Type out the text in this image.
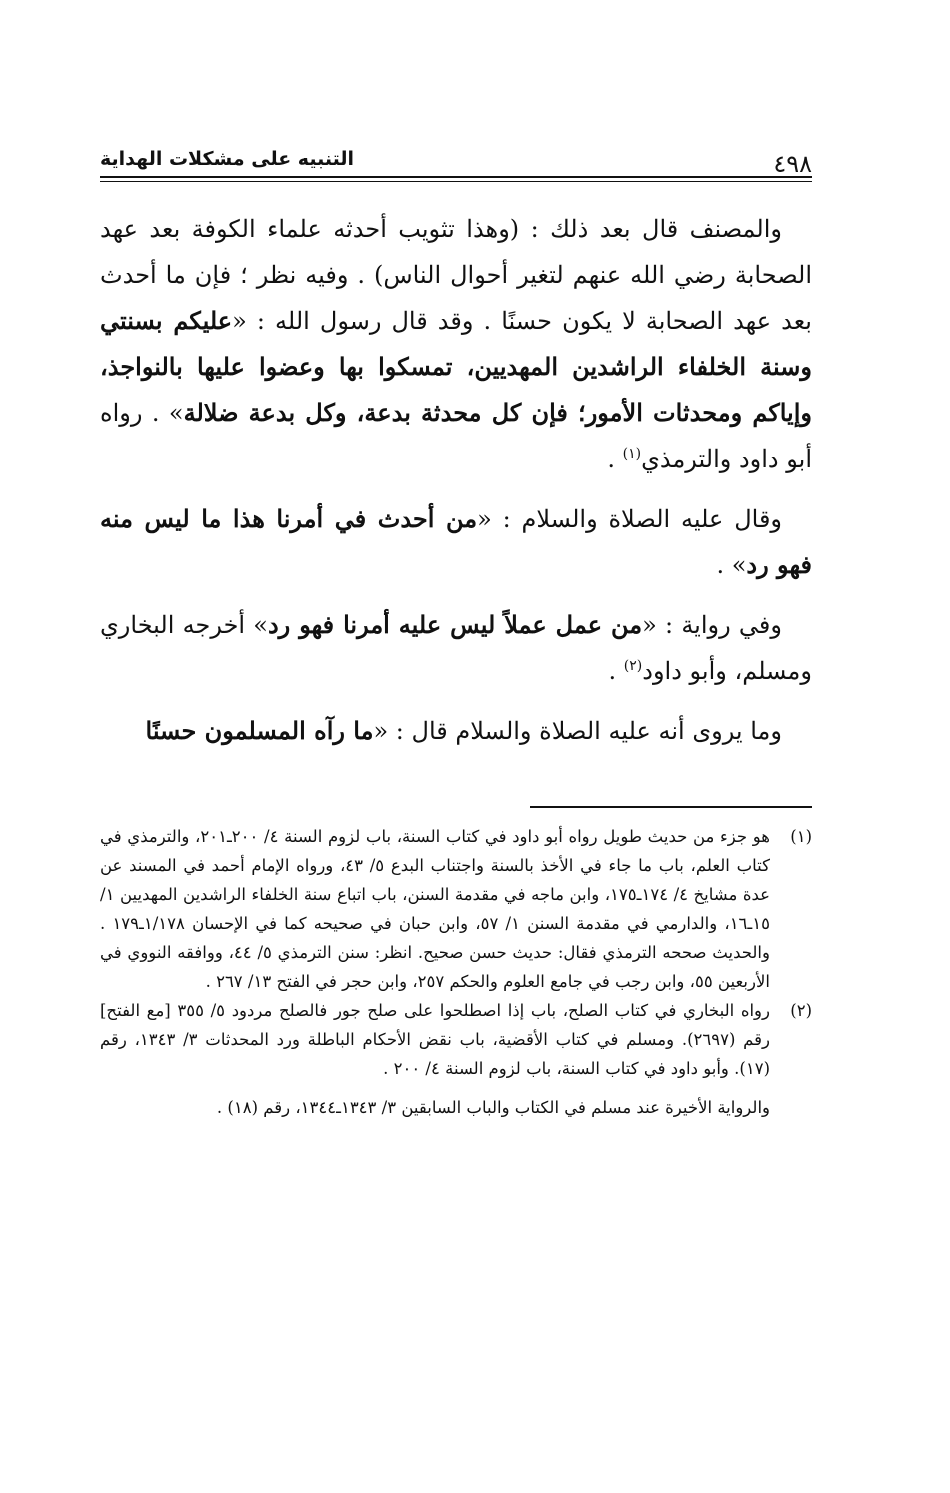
٤٩٨
التنبيه على مشكلات الهداية

والمصنف قال بعد ذلك : (وهذا تثويب أحدثه علماء الكوفة بعد عهد الصحابة رضي الله عنهم لتغير أحوال الناس) . وفيه نظر ؛ فإن ما أحدث بعد عهد الصحابة لا يكون حسنًا . وقد قال رسول الله : «عليكم بسنتي وسنة الخلفاء الراشدين المهديين، تمسكوا بها وعضوا عليها بالنواجذ، وإياكم ومحدثات الأمور؛ فإن كل محدثة بدعة، وكل بدعة ضلالة» . رواه أبو داود والترمذي$^{(١)}$ .

وقال عليه الصلاة والسلام : «من أحدث في أمرنا هذا ما ليس منه فهو رد» .

وفي رواية : «من عمل عملاً ليس عليه أمرنا فهو رد» أخرجه البخاري ومسلم، وأبو داود$^{(٢)}$ .

وما يروى أنه عليه الصلاة والسلام قال : «ما رآه المسلمون حسنًا

(١)
هو جزء من حديث طويل رواه أبو داود في كتاب السنة، باب لزوم السنة ٤/ ٢٠٠ـ٢٠١، والترمذي في كتاب العلم، باب ما جاء في الأخذ بالسنة واجتناب البدع ٥/ ٤٣، ورواه الإمام أحمد في المسند عن عدة مشايخ ٤/ ١٧٤ـ١٧٥، وابن ماجه في مقدمة السنن، باب اتباع سنة الخلفاء الراشدين المهديين ١/ ١٥ـ١٦، والدارمي في مقدمة السنن ١/ ٥٧، وابن حبان في صحيحه كما في الإحسان ١/١٧٨ـ١٧٩ . والحديث صححه الترمذي فقال: حديث حسن صحيح. انظر: سنن الترمذي ٥/ ٤٤، ووافقه النووي في الأربعين ٥٥، وابن رجب في جامع العلوم والحكم ٢٥٧، وابن حجر في الفتح ١٣/ ٢٦٧ .

(٢)
رواه البخاري في كتاب الصلح، باب إذا اصطلحوا على صلح جور فالصلح مردود ٥/ ٣٥٥ [مع الفتح] رقم (٢٦٩٧). ومسلم في كتاب الأقضية، باب نقض الأحكام الباطلة ورد المحدثات ٣/ ١٣٤٣، رقم (١٧). وأبو داود في كتاب السنة، باب لزوم السنة ٤/ ٢٠٠ .

والرواية الأخيرة عند مسلم في الكتاب والباب السابقين ٣/ ١٣٤٣ـ١٣٤٤، رقم (١٨) .
